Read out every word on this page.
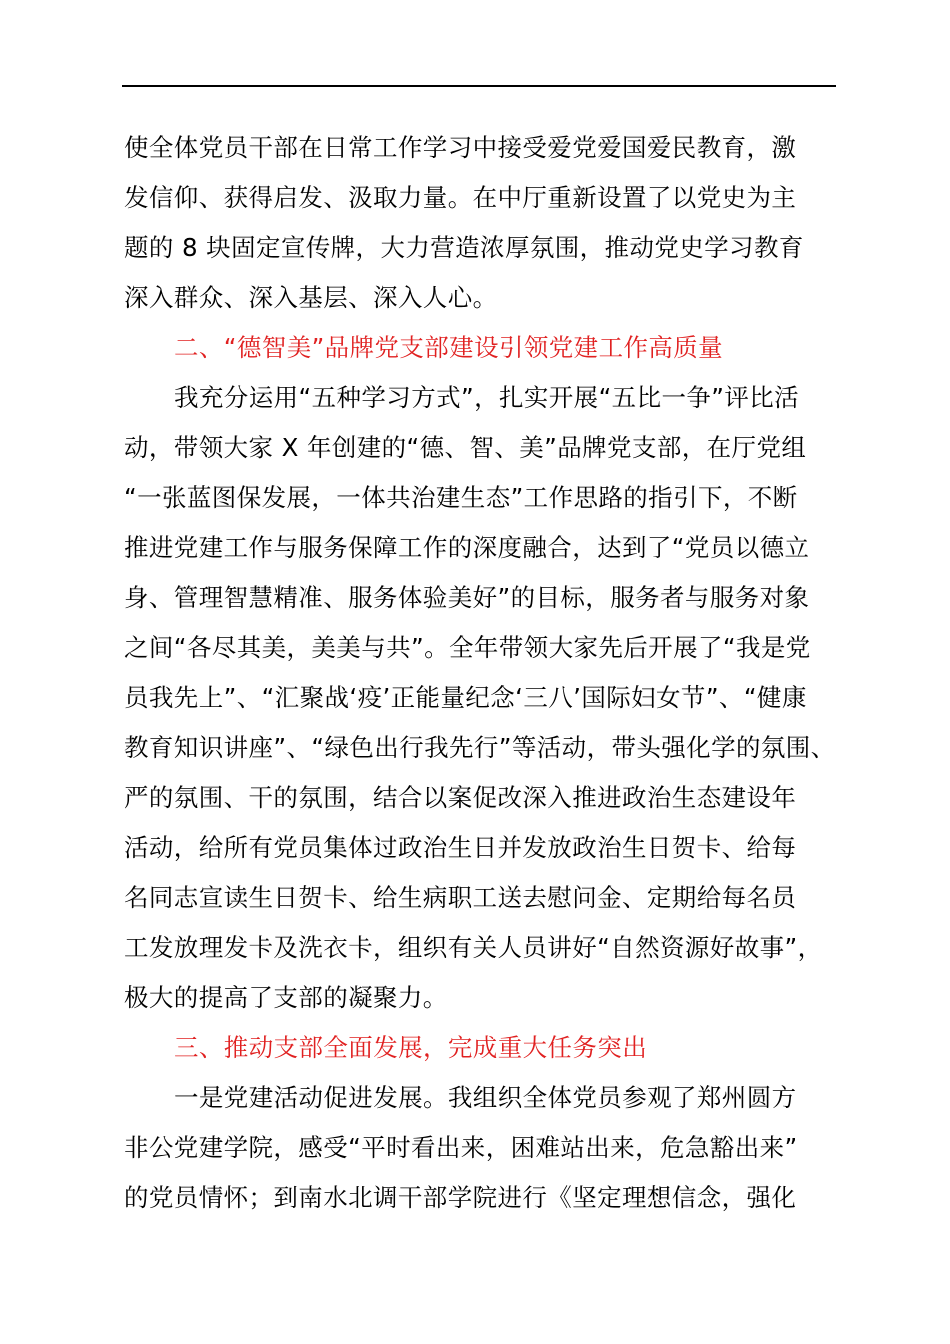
使全体党员干部在日常工作学习中接受爱党爱国爱民教育，激
发信仰、获得启发、汲取力量。在中厅重新设置了以党史为主
题的 8 块固定宣传牌，大力营造浓厚氛围，推动党史学习教育
深入群众、深入基层、深入人心。
二、“德智美”品牌党支部建设引领党建工作高质量
我充分运用“五种学习方式”，扎实开展“五比一争”评比活
动，带领大家 X 年创建的“德、智、美”品牌党支部，在厅党组
“一张蓝图保发展，一体共治建生态”工作思路的指引下，不断
推进党建工作与服务保障工作的深度融合，达到了“党员以德立
身、管理智慧精准、服务体验美好”的目标，服务者与服务对象
之间“各尽其美，美美与共”。全年带领大家先后开展了“我是党
员我先上”、“汇聚战‘疫’正能量纪念‘三八’国际妇女节”、“健康
教育知识讲座”、“绿色出行我先行”等活动，带头强化学的氛围、
严的氛围、干的氛围，结合以案促改深入推进政治生态建设年
活动，给所有党员集体过政治生日并发放政治生日贺卡、给每
名同志宣读生日贺卡、给生病职工送去慰问金、定期给每名员
工发放理发卡及洗衣卡，组织有关人员讲好“自然资源好故事”，
极大的提高了支部的凝聚力。
三、推动支部全面发展，完成重大任务突出
一是党建活动促进发展。我组织全体党员参观了郑州圆方
非公党建学院，感受“平时看出来，困难站出来，危急豁出来”
的党员情怀；到南水北调干部学院进行《坚定理想信念，强化
